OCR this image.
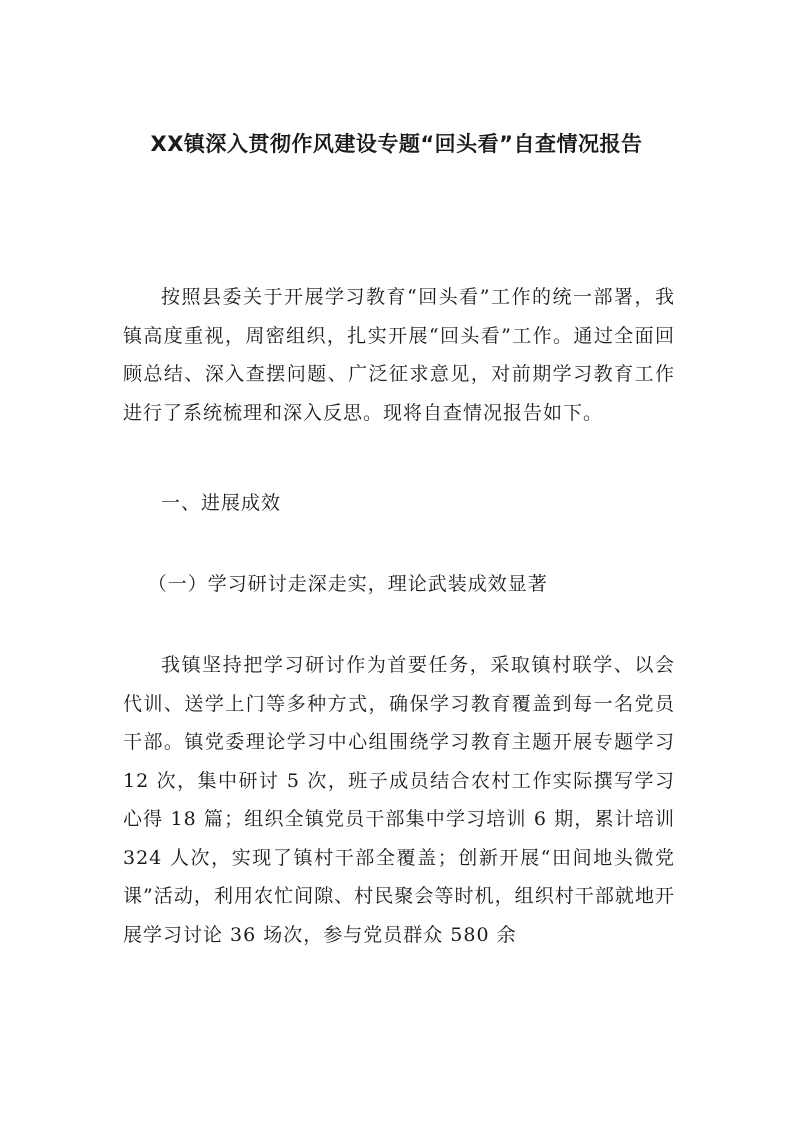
XX镇深入贯彻作风建设专题“回头看”自查情况报告

按照县委关于开展学习教育“回头看”工作的统一部署，我镇高度重视，周密组织，扎实开展“回头看”工作。通过全面回顾总结、深入查摆问题、广泛征求意见，对前期学习教育工作进行了系统梳理和深入反思。现将自查情况报告如下。

一、进展成效

（一）学习研讨走深走实，理论武装成效显著

我镇坚持把学习研讨作为首要任务，采取镇村联学、以会代训、送学上门等多种方式，确保学习教育覆盖到每一名党员干部。镇党委理论学习中心组围绕学习教育主题开展专题学习 12 次，集中研讨 5 次，班子成员结合农村工作实际撰写学习心得 18 篇；组织全镇党员干部集中学习培训 6 期，累计培训 324 人次，实现了镇村干部全覆盖；创新开展“田间地头微党课”活动，利用农忙间隙、村民聚会等时机，组织村干部就地开展学习讨论 36 场次，参与党员群众 580 余
